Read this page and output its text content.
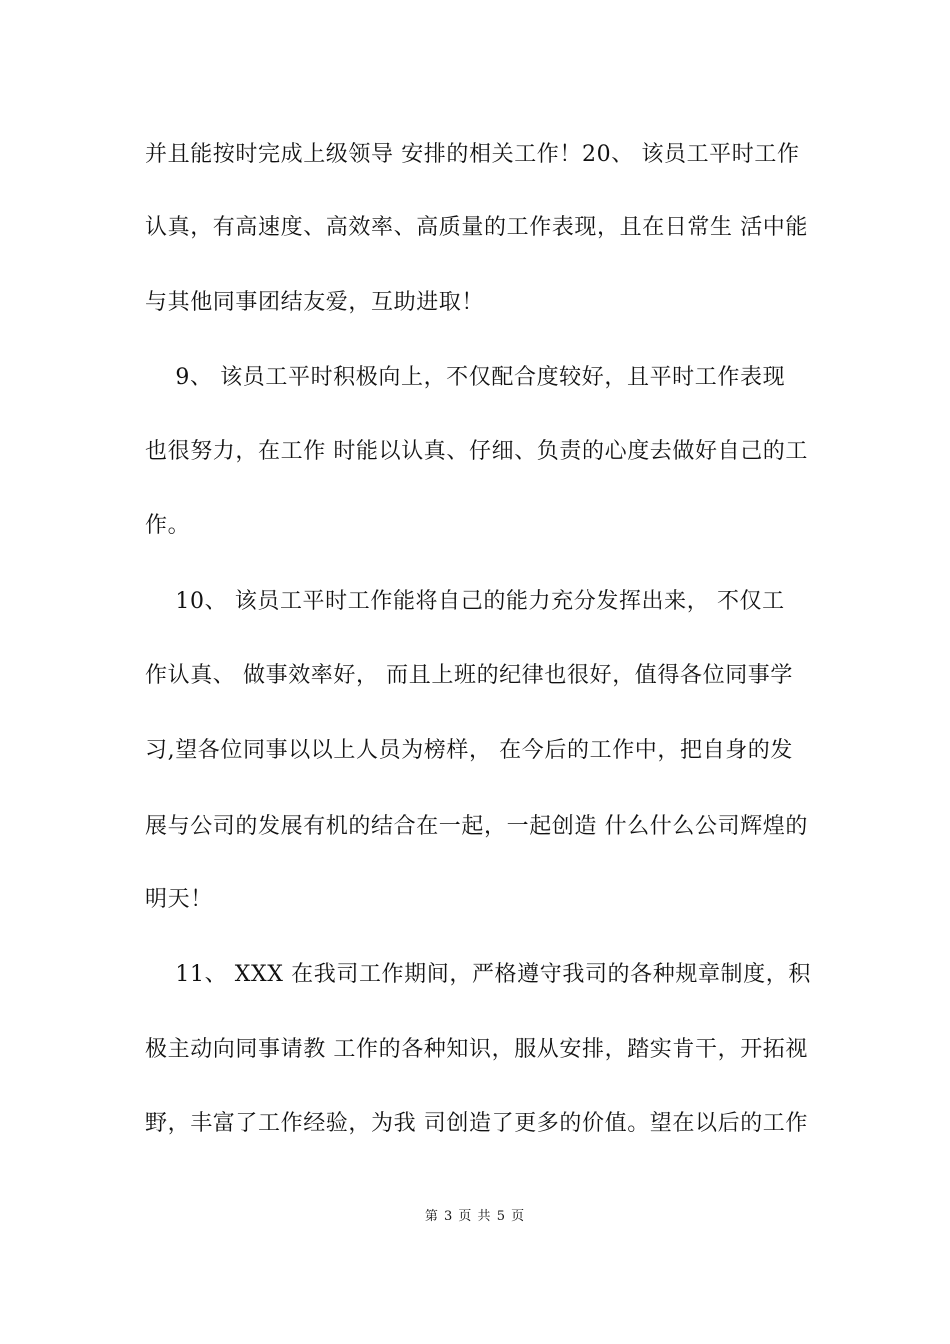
并且能按时完成上级领导 安排的相关工作！20、 该员工平时工作
认真，有高速度、高效率、高质量的工作表现，且在日常生 活中能
与其他同事团结友爱，互助进取！
9、 该员工平时积极向上，不仅配合度较好，且平时工作表现
也很努力，在工作 时能以认真、仔细、负责的心度去做好自己的工
作。
10、 该员工平时工作能将自己的能力充分发挥出来， 不仅工
作认真、 做事效率好， 而且上班的纪律也很好，值得各位同事学
习,望各位同事以以上人员为榜样， 在今后的工作中，把自身的发
展与公司的发展有机的结合在一起，一起创造 什么什么公司辉煌的
明天！
11、 XXX 在我司工作期间，严格遵守我司的各种规章制度，积
极主动向同事请教 工作的各种知识，服从安排，踏实肯干，开拓视
野，丰富了工作经验，为我 司创造了更多的价值。望在以后的工作
第 3 页 共 5 页
